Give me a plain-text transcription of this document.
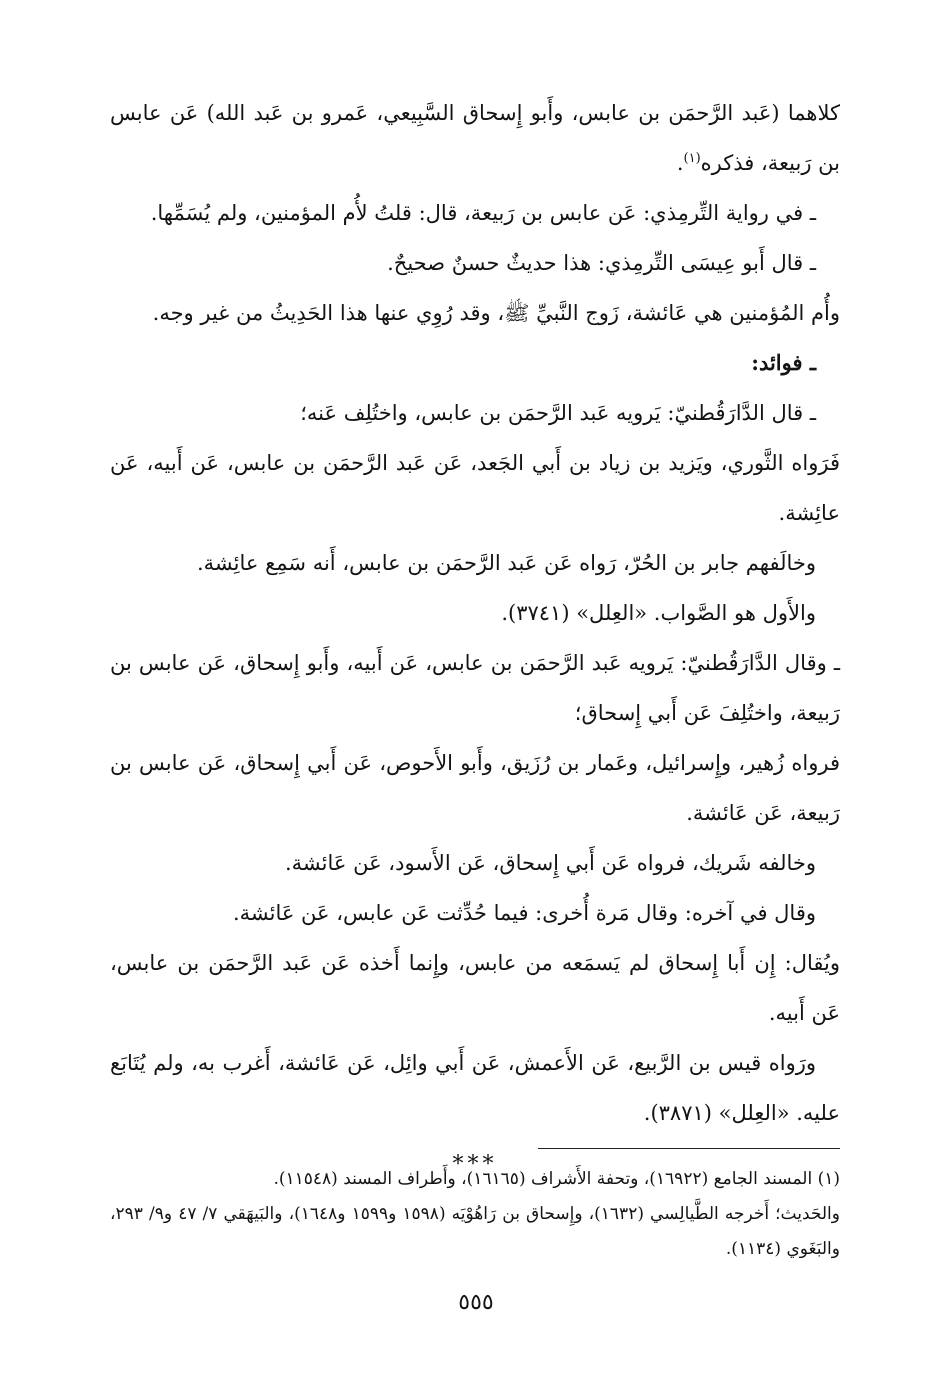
كلاهما (عَبد الرَّحمَن بن عابس، وأَبو إِسحاق السَّبِيعي، عَمرو بن عَبد الله) عَن عابس بن رَبيعة، فذكره$^{(١)}$.

ـ في رواية التِّرمِذي: عَن عابس بن رَبيعة، قال: قلتُ لأُم المؤمنين، ولم يُسَمِّها.

ـ قال أَبو عِيسَى التِّرمِذي: هذا حديثٌ حسنٌ صحيحٌ.

وأُم المُؤمنين هي عَائشة، زَوج النَّبيِّ ﷺ، وقد رُوِي عنها هذا الحَدِيثُ من غير وجه.

ـ فوائد:

ـ قال الدَّارَقُطنيّ: يَرويه عَبد الرَّحمَن بن عابس، واختُلِف عَنه؛

فَرَواه الثَّوري، ويَزيد بن زياد بن أَبي الجَعد، عَن عَبد الرَّحمَن بن عابس، عَن أَبيه، عَن عائِشة.

وخالَفهم جابر بن الحُرّ، رَواه عَن عَبد الرَّحمَن بن عابس، أَنه سَمِع عائِشة.

والأَول هو الصَّواب. «العِلل» (٣٧٤١).

ـ وقال الدَّارَقُطنيّ: يَرويه عَبد الرَّحمَن بن عابس، عَن أَبيه، وأَبو إِسحاق، عَن عابس بن رَبيعة، واختُلِفَ عَن أَبي إِسحاق؛

فرواه زُهير، وإِسرائيل، وعَمار بن رُزَيق، وأَبو الأَحوص، عَن أَبي إِسحاق، عَن عابس بن رَبيعة، عَن عَائشة.

وخالفه شَريك، فرواه عَن أَبي إِسحاق، عَن الأَسود، عَن عَائشة.

وقال في آخره: وقال مَرة أُخرى: فيما حُدِّثت عَن عابس، عَن عَائشة.

ويُقال: إِن أَبا إِسحاق لم يَسمَعه من عابس، وإِنما أَخذه عَن عَبد الرَّحمَن بن عابس، عَن أَبيه.

ورَواه قيس بن الرَّبيع، عَن الأَعمش، عَن أَبي وائِل، عَن عَائشة، أَغرب به، ولم يُتَابَع عليه. «العِلل» (٣٨٧١).

***

(١) المسند الجامع (١٦٩٢٢)، وتحفة الأَشراف (١٦١٦٥)، وأَطراف المسند (١١٥٤٨).

والحَديث؛ أَخرجه الطَّيالِسي (١٦٣٢)، وإِسحاق بن رَاهُوْيَه (١٥٩٨ و١٥٩٩ و١٦٤٨)، والبَيهَقي ٧/ ٤٧ و٩/ ٢٩٣، والبَغَوي (١١٣٤).

٥٥٥
